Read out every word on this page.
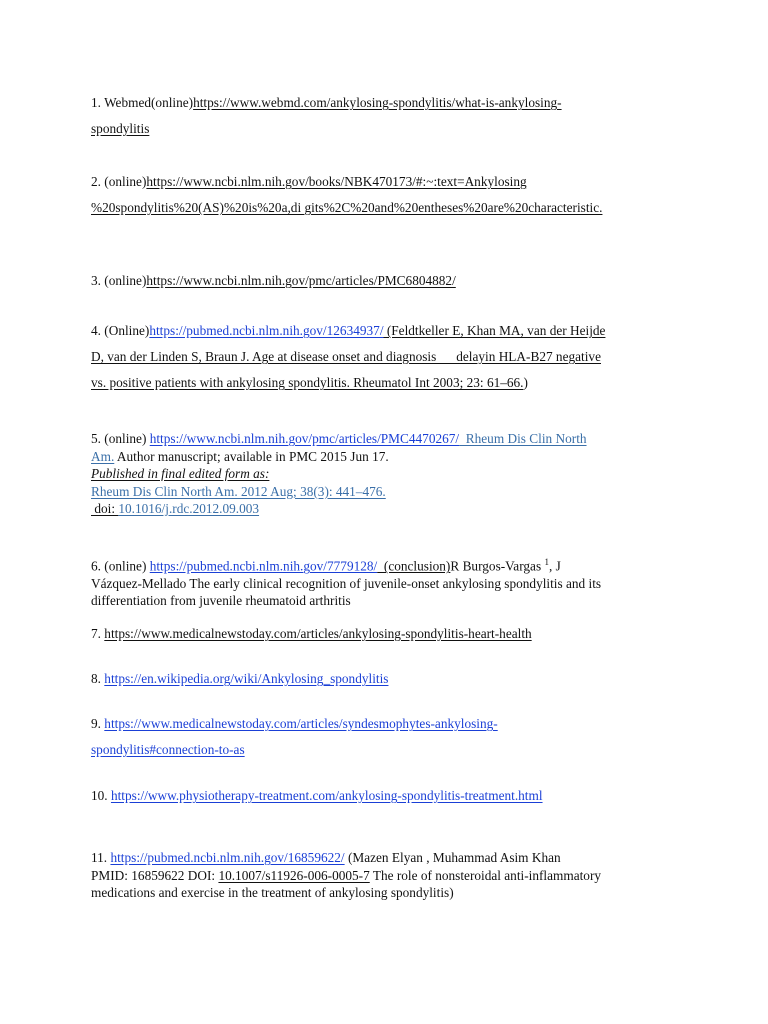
1. Webmed(online)https://www.webmd.com/ankylosing-spondylitis/what-is-ankylosing-
spondylitis
2. (online)https://www.ncbi.nlm.nih.gov/books/NBK470173/#:~:text=Ankylosing
%20spondylitis%20(AS)%20is%20a,di gits%2C%20and%20entheses%20are%20characteristic.
3. (online)https://www.ncbi.nlm.nih.gov/pmc/articles/PMC6804882/
4. (Online)https://pubmed.ncbi.nlm.nih.gov/12634937/ (Feldtkeller E, Khan MA, van der Heijde
D, van der Linden S, Braun J. Age at disease onset and diagnosis      delayin HLA-B27 negative
vs. positive patients with ankylosing spondylitis. Rheumatol Int 2003; 23: 61–66.)
5. (online) https://www.ncbi.nlm.nih.gov/pmc/articles/PMC4470267/  Rheum Dis Clin North
Am. Author manuscript; available in PMC 2015 Jun 17.
Published in final edited form as:
Rheum Dis Clin North Am. 2012 Aug; 38(3): 441–476.
doi: 10.1016/j.rdc.2012.09.003
6. (online) https://pubmed.ncbi.nlm.nih.gov/7779128/  (conclusion)R Burgos-Vargas $^1$, J
Vázquez-Mellado The early clinical recognition of juvenile-onset ankylosing spondylitis and its
differentiation from juvenile rheumatoid arthritis
7. https://www.medicalnewstoday.com/articles/ankylosing-spondylitis-heart-health
8. https://en.wikipedia.org/wiki/Ankylosing_spondylitis
9. https://www.medicalnewstoday.com/articles/syndesmophytes-ankylosing-
spondylitis#connection-to-as
10. https://www.physiotherapy-treatment.com/ankylosing-spondylitis-treatment.html
11. https://pubmed.ncbi.nlm.nih.gov/16859622/ (Mazen Elyan , Muhammad Asim Khan
PMID: 16859622 DOI: 10.1007/s11926-006-0005-7 The role of nonsteroidal anti-inflammatory
medications and exercise in the treatment of ankylosing spondylitis)
